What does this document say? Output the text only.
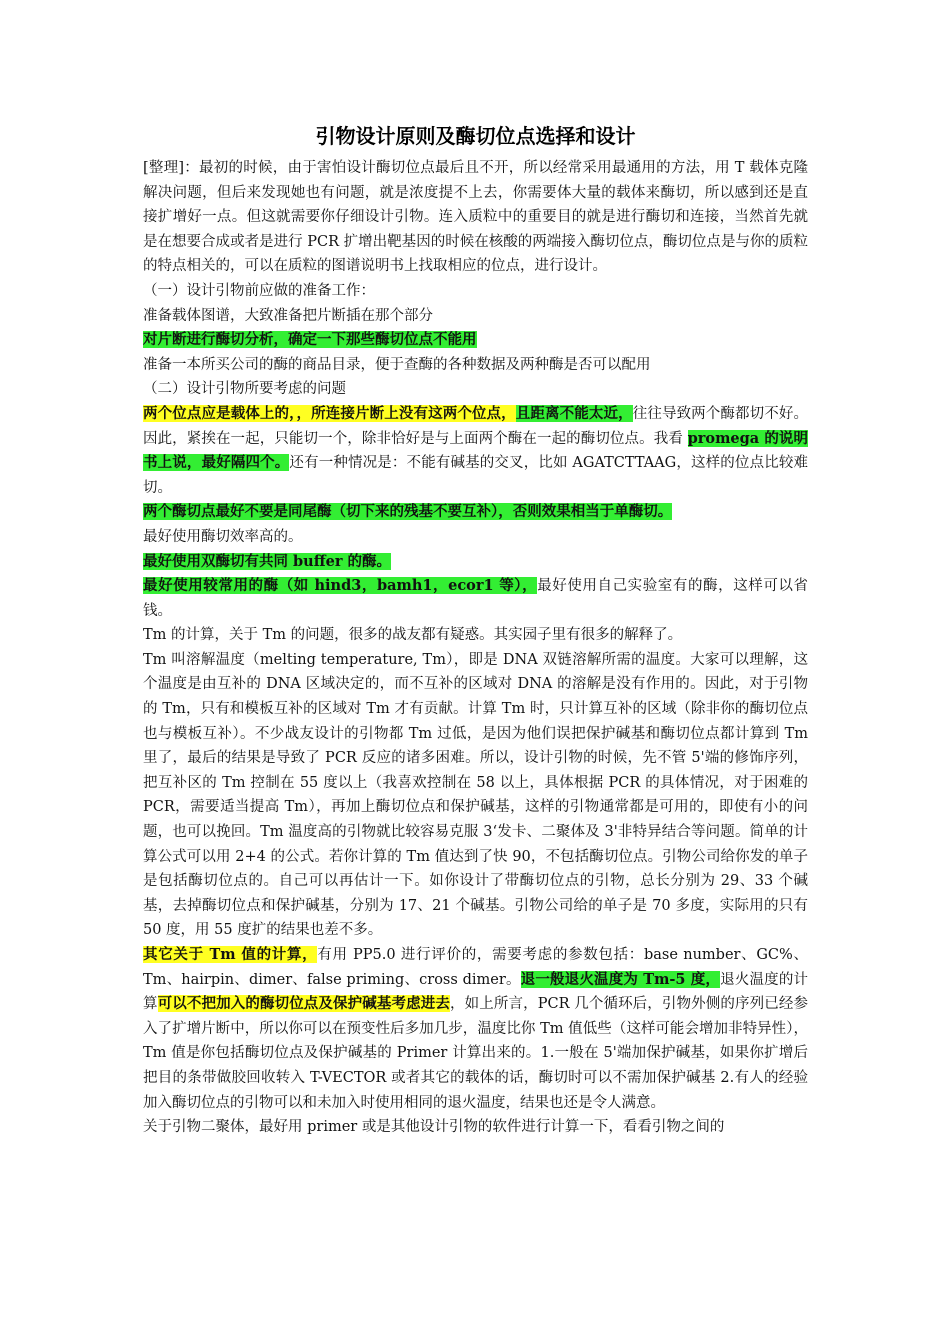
引物设计原则及酶切位点选择和设计

[整理]：最初的时候，由于害怕设计酶切位点最后且不开，所以经常采用最通用的方法，用 T 载体克隆解决问题，但后来发现她也有问题，就是浓度提不上去，你需要体大量的载体来酶切，所以感到还是直接扩增好一点。但这就需要你仔细设计引物。连入质粒中的重要目的就是进行酶切和连接，当然首先就是在想要合成或者是进行 PCR 扩增出靶基因的时候在核酸的两端接入酶切位点，酶切位点是与你的质粒的特点相关的，可以在质粒的图谱说明书上找取相应的位点，进行设计。

（一）设计引物前应做的准备工作：

准备载体图谱，大致准备把片断插在那个部分

对片断进行酶切分析，确定一下那些酶切位点不能用

准备一本所买公司的酶的商品目录，便于查酶的各种数据及两种酶是否可以配用

（二）设计引物所要考虑的问题

两个位点应是载体上的，，所连接片断上没有这两个位点，且距离不能太近，往往导致两个酶都切不好。因此，紧挨在一起，只能切一个，除非恰好是与上面两个酶在一起的酶切位点。我看 promega 的说明书上说，最好隔四个。还有一种情况是：不能有碱基的交叉，比如 AGATCTTAAG，这样的位点比较难切。

两个酶切点最好不要是同尾酶（切下来的残基不要互补），否则效果相当于单酶切。

最好使用酶切效率高的。

最好使用双酶切有共同 buffer 的酶。

最好使用较常用的酶（如 hind3，bamh1，ecor1 等），最好使用自己实验室有的酶，这样可以省钱。

Tm 的计算，关于 Tm 的问题，很多的战友都有疑惑。其实园子里有很多的解释了。

Tm 叫溶解温度（melting temperature, Tm），即是 DNA 双链溶解所需的温度。大家可以理解，这个温度是由互补的 DNA 区域决定的，而不互补的区域对 DNA 的溶解是没有作用的。因此，对于引物的 Tm，只有和模板互补的区域对 Tm 才有贡献。计算 Tm 时，只计算互补的区域（除非你的酶切位点也与模板互补）。不少战友设计的引物都 Tm 过低，是因为他们误把保护碱基和酶切位点都计算到 Tm 里了，最后的结果是导致了 PCR 反应的诸多困难。所以，设计引物的时候，先不管 5'端的修饰序列，把互补区的 Tm 控制在 55 度以上（我喜欢控制在 58 以上，具体根据 PCR 的具体情况，对于困难的 PCR，需要适当提高 Tm），再加上酶切位点和保护碱基，这样的引物通常都是可用的，即使有小的问题，也可以挽回。Tm 温度高的引物就比较容易克服 3‘发卡、二聚体及 3'非特异结合等问题。简单的计算公式可以用 2+4 的公式。若你计算的 Tm 值达到了快 90，不包括酶切位点。引物公司给你发的单子是包括酶切位点的。自己可以再估计一下。如你设计了带酶切位点的引物，总长分别为 29、33 个碱基，去掉酶切位点和保护碱基，分别为 17、21 个碱基。引物公司给的单子是 70 多度，实际用的只有 50 度，用 55 度扩的结果也差不多。

其它关于 Tm 值的计算，有用 PP5.0 进行评价的，需要考虑的参数包括：base number、GC%、Tm、hairpin、dimer、false priming、cross dimer。退一般退火温度为 Tm-5 度，退火温度的计算可以不把加入的酶切位点及保护碱基考虑进去，如上所言，PCR 几个循环后，引物外侧的序列已经参入了扩增片断中，所以你可以在预变性后多加几步，温度比你 Tm 值低些（这样可能会增加非特异性），Tm 值是你包括酶切位点及保护碱基的 Primer 计算出来的。1.一般在 5'端加保护碱基，如果你扩增后把目的条带做胶回收转入 T-VECTOR 或者其它的载体的话，酶切时可以不需加保护碱基 2.有人的经验加入酶切位点的引物可以和未加入时使用相同的退火温度，结果也还是令人满意。

关于引物二聚体，最好用 primer 或是其他设计引物的软件进行计算一下，看看引物之间的
